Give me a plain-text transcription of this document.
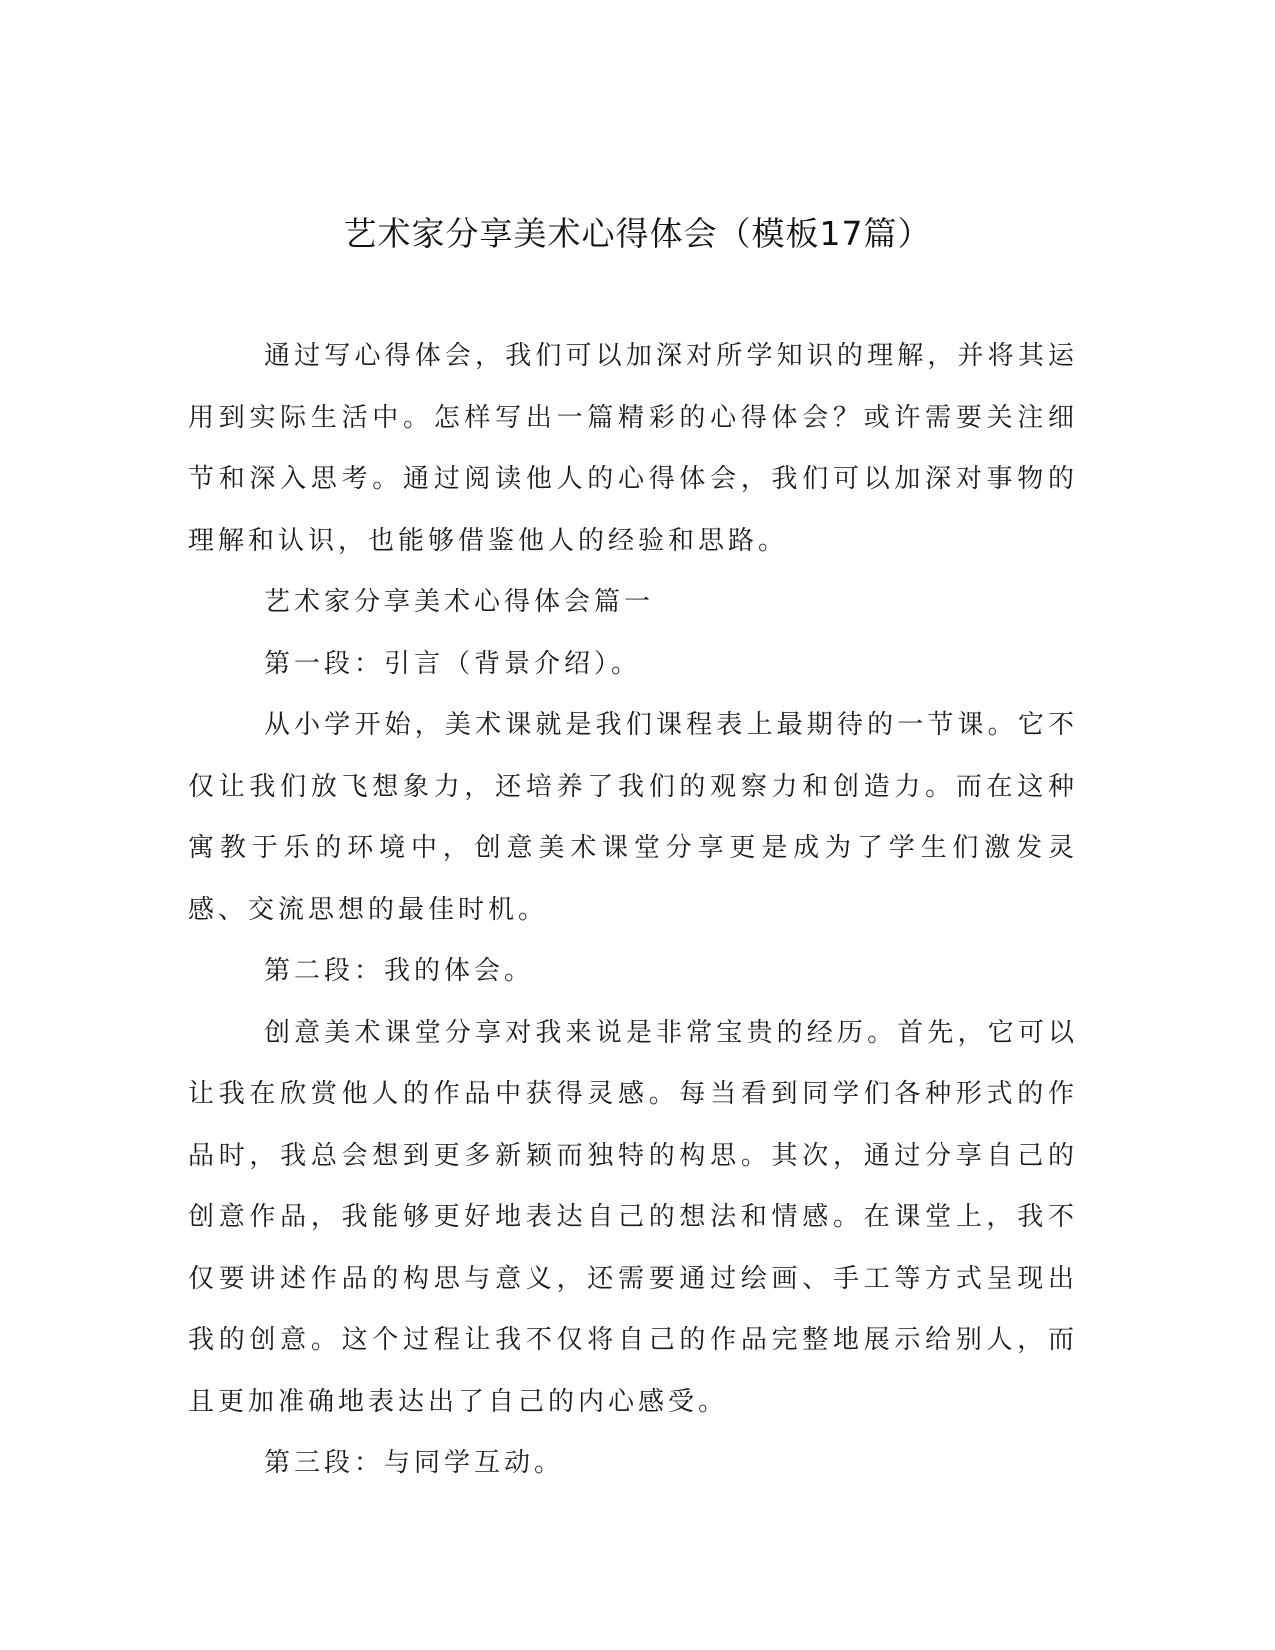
艺术家分享美术心得体会（模板17篇）

通过写心得体会，我们可以加深对所学知识的理解，并将其运用到实际生活中。怎样写出一篇精彩的心得体会？或许需要关注细节和深入思考。通过阅读他人的心得体会，我们可以加深对事物的理解和认识，也能够借鉴他人的经验和思路。

艺术家分享美术心得体会篇一

第一段：引言（背景介绍）。

从小学开始，美术课就是我们课程表上最期待的一节课。它不仅让我们放飞想象力，还培养了我们的观察力和创造力。而在这种寓教于乐的环境中，创意美术课堂分享更是成为了学生们激发灵感、交流思想的最佳时机。

第二段：我的体会。

创意美术课堂分享对我来说是非常宝贵的经历。首先，它可以让我在欣赏他人的作品中获得灵感。每当看到同学们各种形式的作品时，我总会想到更多新颖而独特的构思。其次，通过分享自己的创意作品，我能够更好地表达自己的想法和情感。在课堂上，我不仅要讲述作品的构思与意义，还需要通过绘画、手工等方式呈现出我的创意。这个过程让我不仅将自己的作品完整地展示给别人，而且更加准确地表达出了自己的内心感受。

第三段：与同学互动。
